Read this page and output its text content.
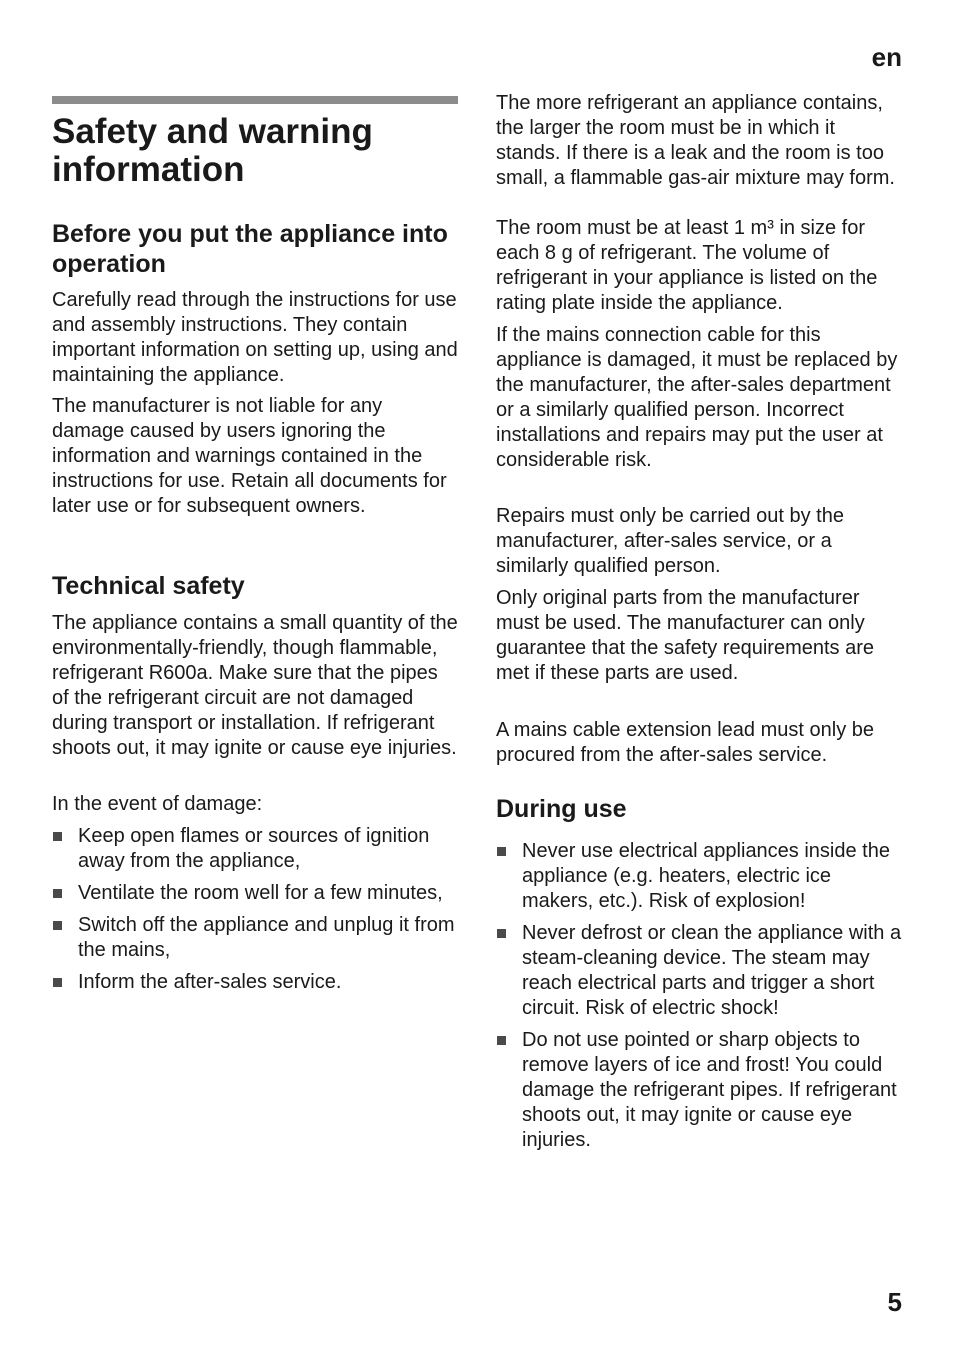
en
Safety and warning information
Before you put the appliance into operation

Carefully read through the instructions for use and assembly instructions. They contain important information on setting up, using and maintaining the appliance.

The manufacturer is not liable for any damage caused by users ignoring the information and warnings contained in the instructions for use. Retain all documents for later use or for subsequent owners.

Technical safety

The appliance contains a small quantity of the environmentally-friendly, though flammable, refrigerant R600a. Make sure that the pipes of the refrigerant circuit are not damaged during transport or installation. If refrigerant shoots out, it may ignite or cause eye injuries.

In the event of damage:

Keep open flames or sources of ignition away from the appliance,
Ventilate the room well for a few minutes,
Switch off the appliance and unplug it from the mains,
Inform the after-sales service.

The more refrigerant an appliance contains, the larger the room must be in which it stands. If there is a leak and the room is too small, a flammable gas-air mixture may form.

The room must be at least 1 m³ in size for each 8 g of refrigerant. The volume of refrigerant in your appliance is listed on the rating plate inside the appliance.

If the mains connection cable for this appliance is damaged, it must be replaced by the manufacturer, the after-sales department or a similarly qualified person. Incorrect installations and repairs may put the user at considerable risk.

Repairs must only be carried out by the manufacturer, after-sales service, or a similarly qualified person.

Only original parts from the manufacturer must be used. The manufacturer can only guarantee that the safety requirements are met if these parts are used.

A mains cable extension lead must only be procured from the after-sales service.

During use
Never use electrical appliances inside the appliance (e.g. heaters, electric ice makers, etc.). Risk of explosion!
Never defrost or clean the appliance with a steam-cleaning device. The steam may reach electrical parts and trigger a short circuit. Risk of electric shock!
Do not use pointed or sharp objects to remove layers of ice and frost! You could damage the refrigerant pipes. If refrigerant shoots out, it may ignite or cause eye injuries.
5
